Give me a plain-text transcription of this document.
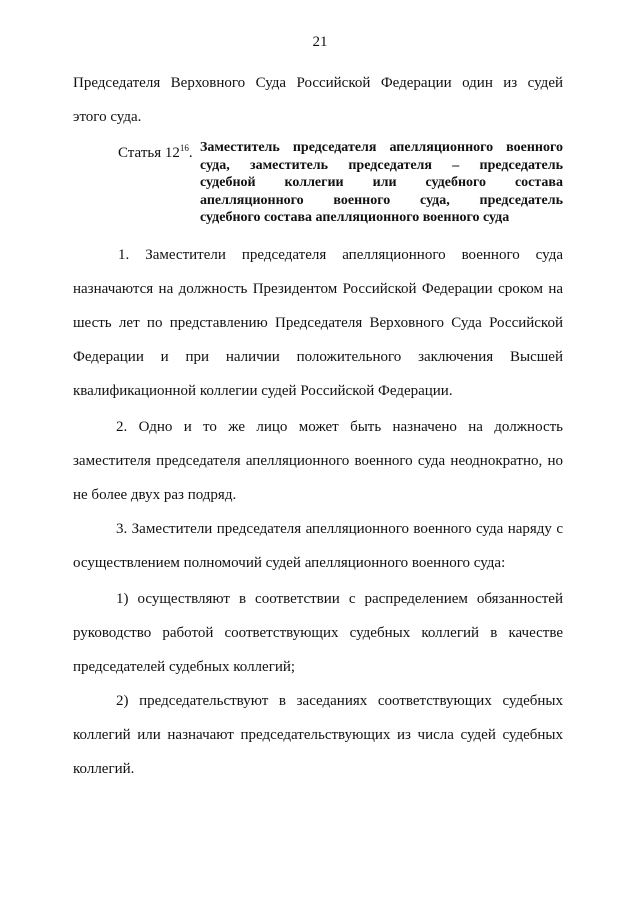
21
Председателя Верховного Суда Российской Федерации один из судей
этого суда.
Статья $12^{16}$. Заместитель председателя апелляционного военного
суда, заместитель председателя – председатель
судебной коллегии или судебного состава
апелляционного военного суда, председатель
судебного состава апелляционного военного суда
1. Заместители председателя апелляционного военного суда
назначаются на должность Президентом Российской Федерации сроком на
шесть лет по представлению Председателя Верховного Суда Российской
Федерации и при наличии положительного заключения Высшей
квалификационной коллегии судей Российской Федерации.
2. Одно и то же лицо может быть назначено на должность
заместителя председателя апелляционного военного суда неоднократно, но
не более двух раз подряд.
3. Заместители председателя апелляционного военного суда наряду с
осуществлением полномочий судей апелляционного военного суда:
1) осуществляют в соответствии с распределением обязанностей
руководство работой соответствующих судебных коллегий в качестве
председателей судебных коллегий;
2) председательствуют в заседаниях соответствующих судебных
коллегий или назначают председательствующих из числа судей судебных
коллегий.
